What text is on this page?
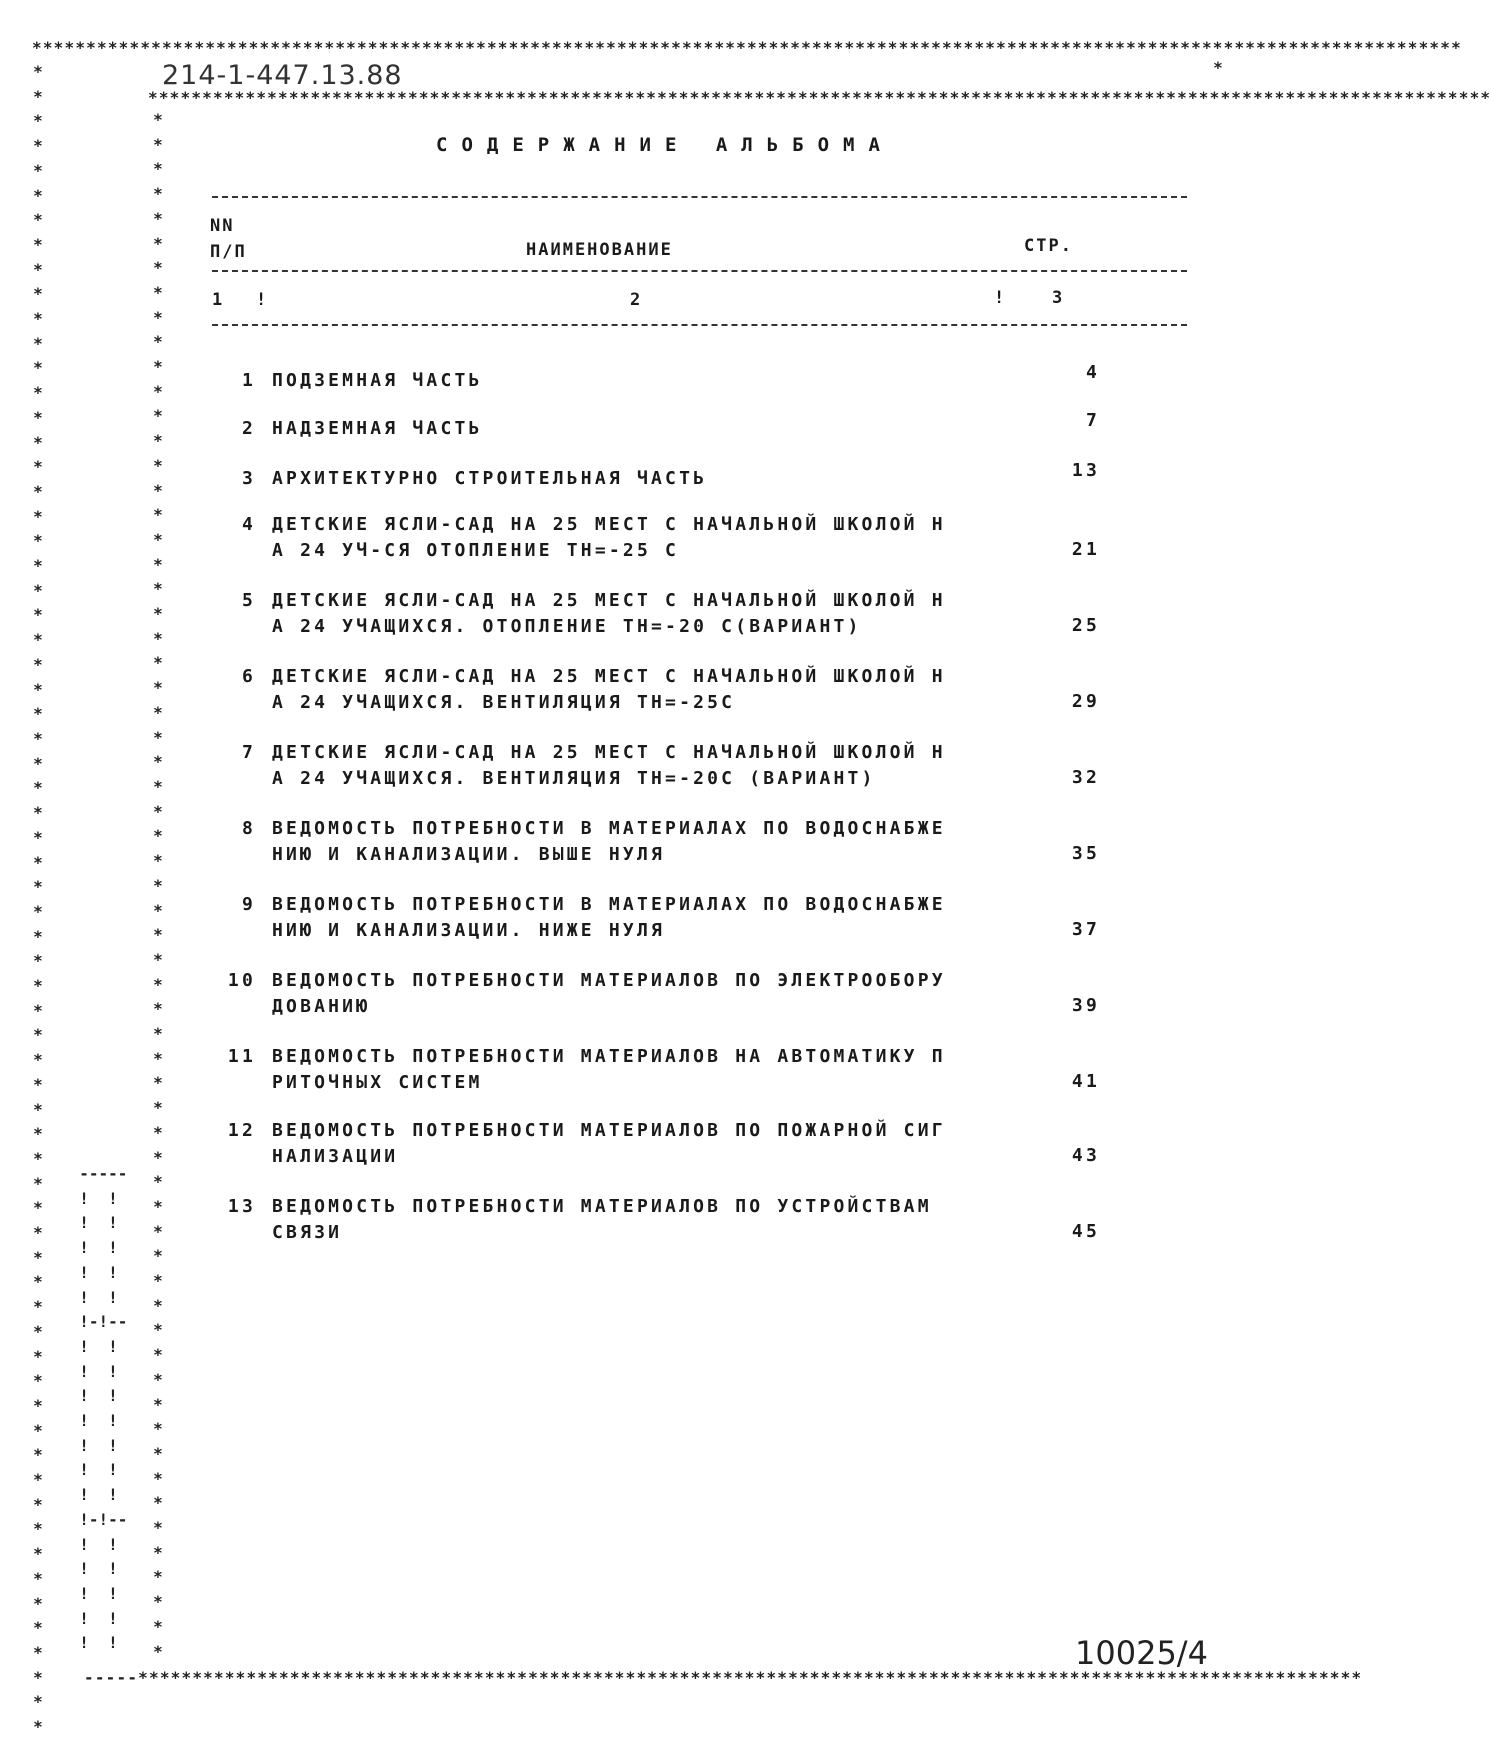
************************************************************************************************************************************
****************************************************************************************************************************
*
*
*
*
*
*
*
*
*
*
*
*
*
*
*
*
*
*
*
*
*
*
*
*
*
*
*
*
*
*
*
*
*
*
*
*
*
*
*
*
*
*
*
*
*
*
*
*
*
*
*
*
*
*
*
*
*
*
*
*
*
*
*
*
*
*
*
*
*
*
*
*
*
*
*
*
*
*
*
*
*
*
*
*
*
*
*
*
*
*
*
*
*
*
*
*
*
*
*
*
*
*
*
*
*
*
*
*
*
*
*
*
*
*
*
*
*
*
*
*
*
*
*
*
*
*
*
*
*
*
*
*
-----*****************************************************************************************************************
-----
!  !
!  !
!  !
!  !
!  !
!-!--
!  !
!  !
!  !
!  !
!  !
!  !
!  !
!-!--
!  !
!  !
!  !
!  !
!  !
214-1-447.13.88
СОДЕРЖАНИЕ АЛЬБОМА
NN
П/П	НАИМЕНОВАНИЕ	СТР.
1 !	2	!	3
1 ПОДЗЕМНАЯ ЧАСТЬ	4
2 НАДЗЕМНАЯ ЧАСТЬ	7
3 АРХИТЕКТУРНО СТРОИТЕЛЬНАЯ ЧАСТЬ	13
4 ДЕТСКИЕ ЯСЛИ-САД НА 25 МЕСТ С НАЧАЛЬНОЙ ШКОЛОЙ Н
А 24 УЧ-СЯ ОТОПЛЕНИЕ ТН=-25 С	21
5 ДЕТСКИЕ ЯСЛИ-САД НА 25 МЕСТ С НАЧАЛЬНОЙ ШКОЛОЙ Н
А 24 УЧАЩИХСЯ. ОТОПЛЕНИЕ ТН=-20 С(ВАРИАНТ)	25
6 ДЕТСКИЕ ЯСЛИ-САД НА 25 МЕСТ С НАЧАЛЬНОЙ ШКОЛОЙ Н
А 24 УЧАЩИХСЯ. ВЕНТИЛЯЦИЯ ТН=-25С	29
7 ДЕТСКИЕ ЯСЛИ-САД НА 25 МЕСТ С НАЧАЛЬНОЙ ШКОЛОЙ Н
А 24 УЧАЩИХСЯ. ВЕНТИЛЯЦИЯ ТН=-20С (ВАРИАНТ)	32
8 ВЕДОМОСТЬ ПОТРЕБНОСТИ В МАТЕРИАЛАХ ПО ВОДОСНАБЖЕ
НИЮ И КАНАЛИЗАЦИИ. ВЫШЕ НУЛЯ	35
9 ВЕДОМОСТЬ ПОТРЕБНОСТИ В МАТЕРИАЛАХ ПО ВОДОСНАБЖЕ
НИЮ И КАНАЛИЗАЦИИ. НИЖЕ НУЛЯ	37
10 ВЕДОМОСТЬ ПОТРЕБНОСТИ МАТЕРИАЛОВ ПО ЭЛЕКТРООБОРУ
ДОВАНИЮ	39
11 ВЕДОМОСТЬ ПОТРЕБНОСТИ МАТЕРИАЛОВ НА АВТОМАТИКУ П
РИТОЧНЫХ СИСТЕМ	41
12 ВЕДОМОСТЬ ПОТРЕБНОСТИ МАТЕРИАЛОВ ПО ПОЖАРНОЙ СИГ
НАЛИЗАЦИИ	43
13 ВЕДОМОСТЬ ПОТРЕБНОСТИ МАТЕРИАЛОВ ПО УСТРОЙСТВАМ
СВЯЗИ	45
10025/4
